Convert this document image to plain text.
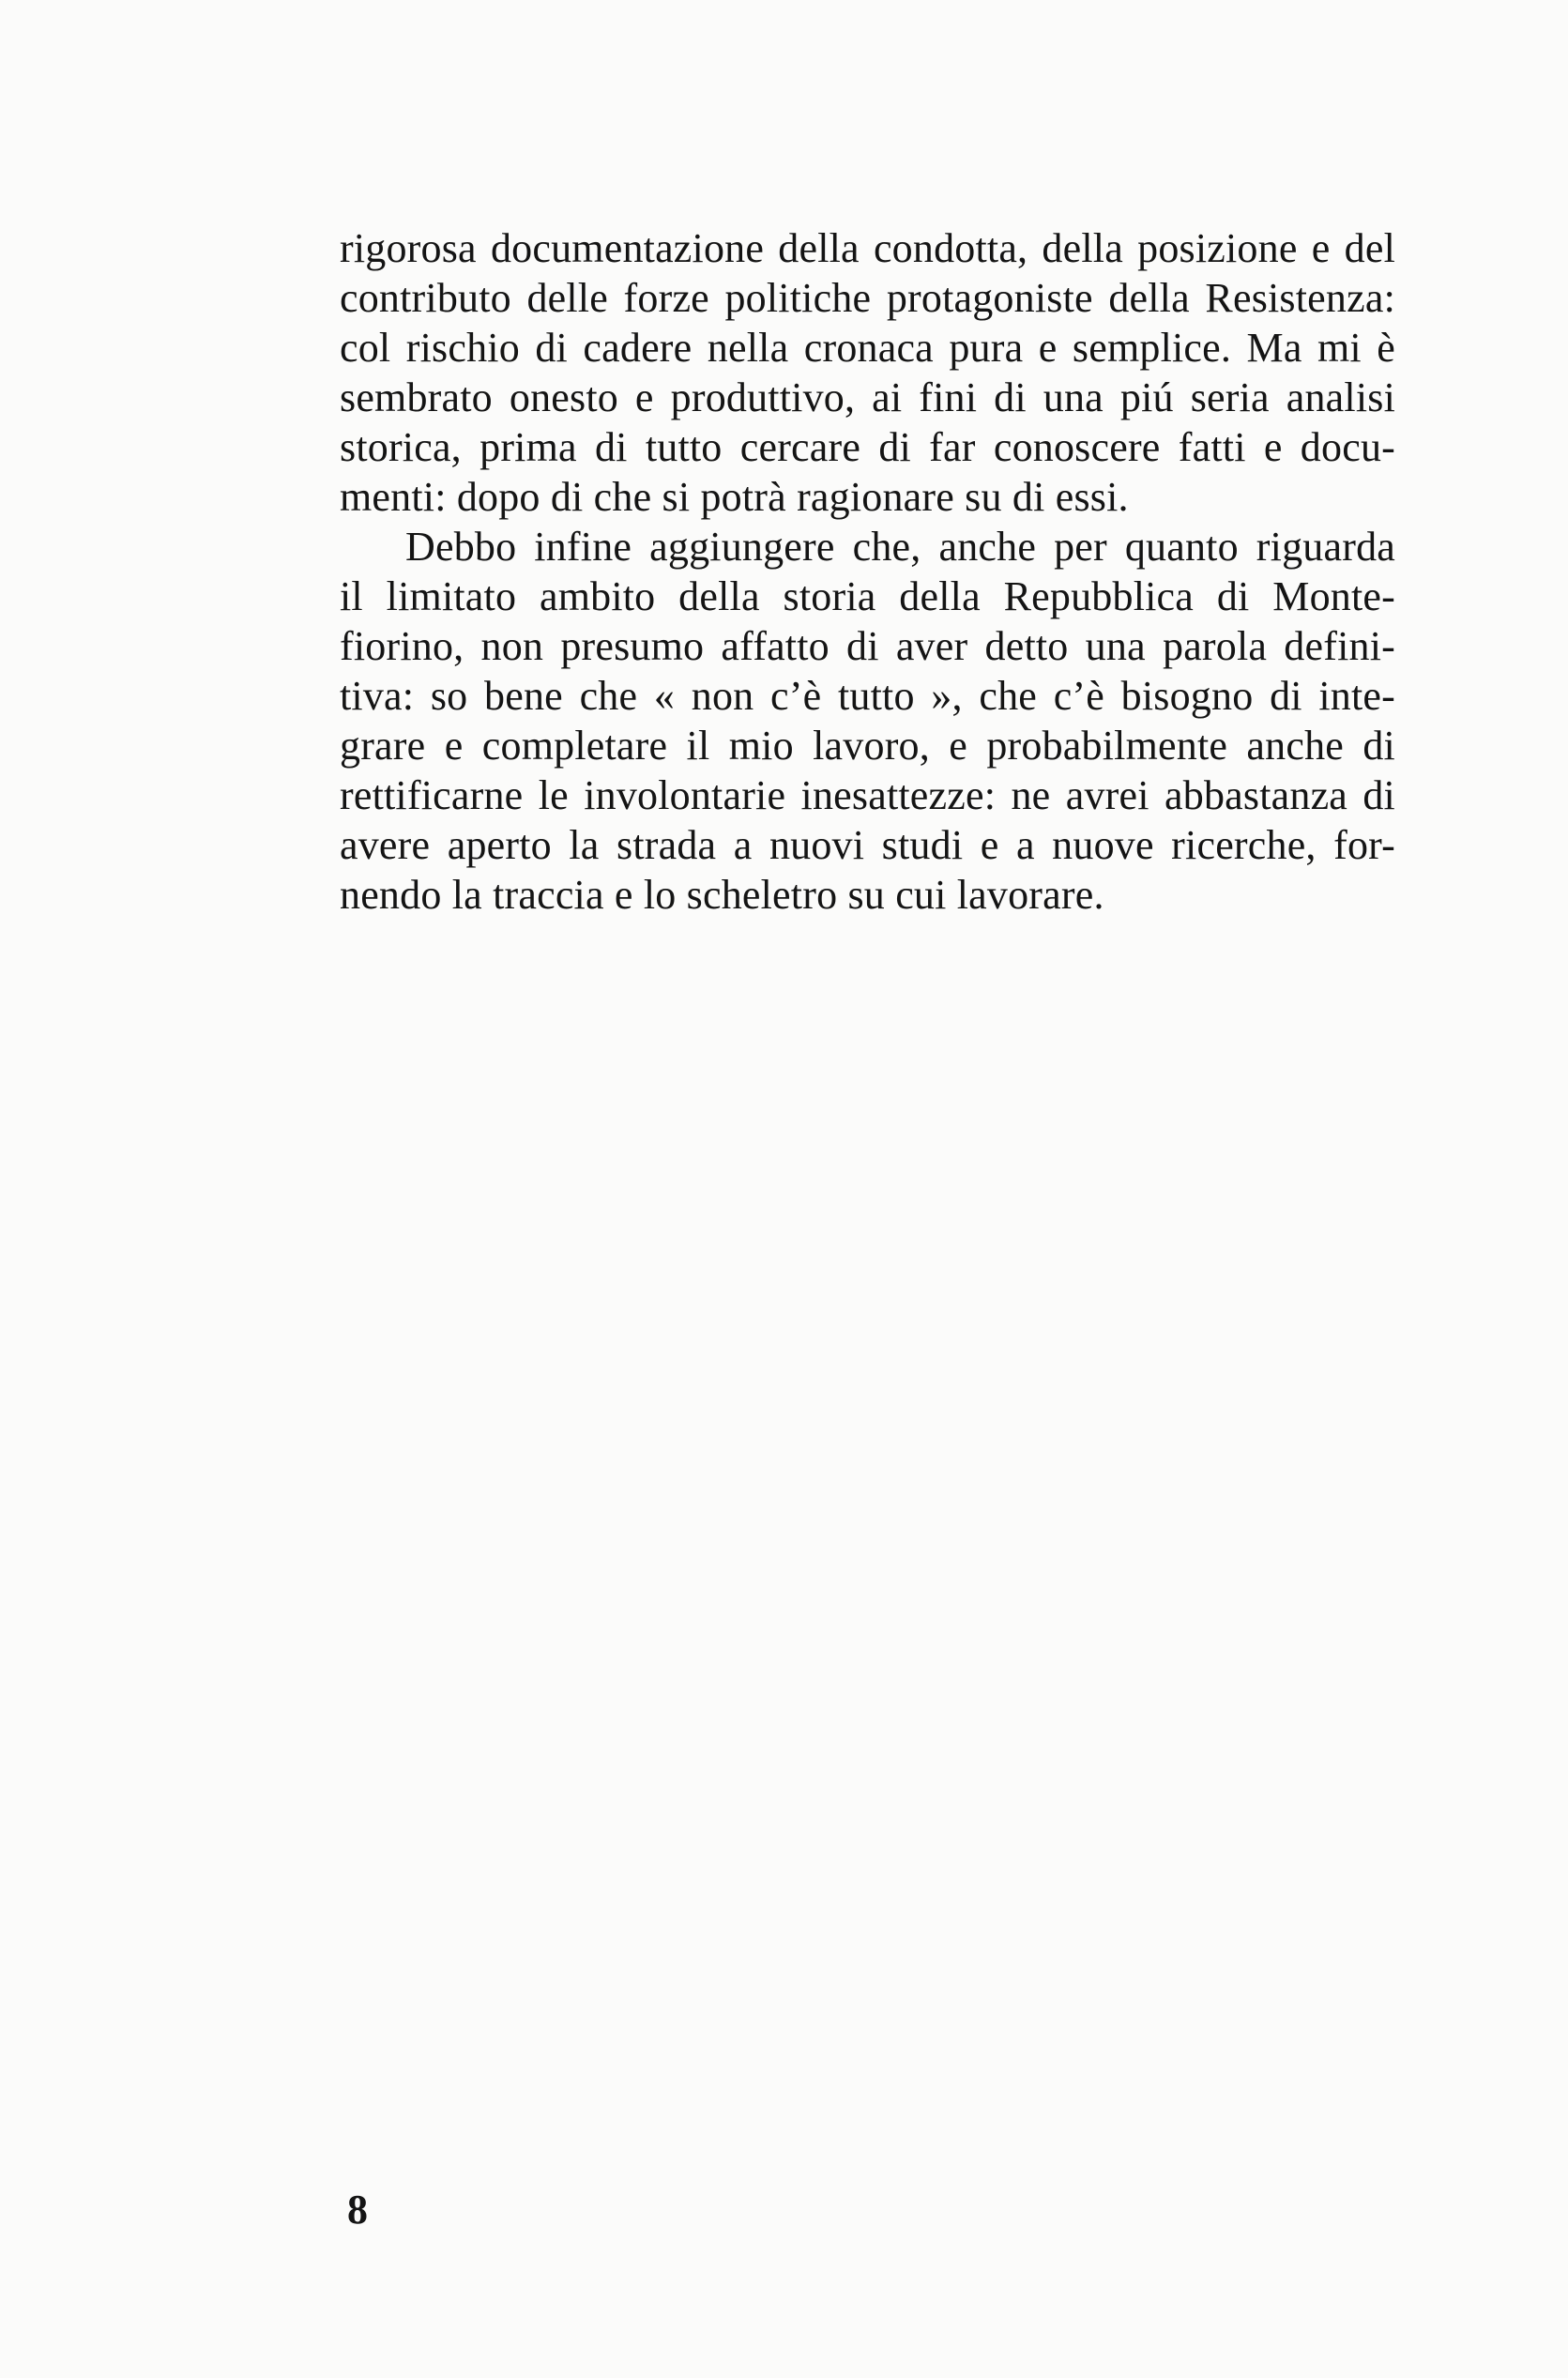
rigorosa documentazione della condotta, della posizione e del
contributo delle forze politiche protagoniste della Resistenza:
col rischio di cadere nella cronaca pura e semplice. Ma mi è
sembrato onesto e produttivo, ai fini di una piú seria analisi
storica, prima di tutto cercare di far conoscere fatti e docu-
menti: dopo di che si potrà ragionare su di essi.
Debbo infine aggiungere che, anche per quanto riguarda
il limitato ambito della storia della Repubblica di Monte-
fiorino, non presumo affatto di aver detto una parola defini-
tiva: so bene che « non c’è tutto », che c’è bisogno di inte-
grare e completare il mio lavoro, e probabilmente anche di
rettificarne le involontarie inesattezze: ne avrei abbastanza di
avere aperto la strada a nuovi studi e a nuove ricerche, for-
nendo la traccia e lo scheletro su cui lavorare.
8
